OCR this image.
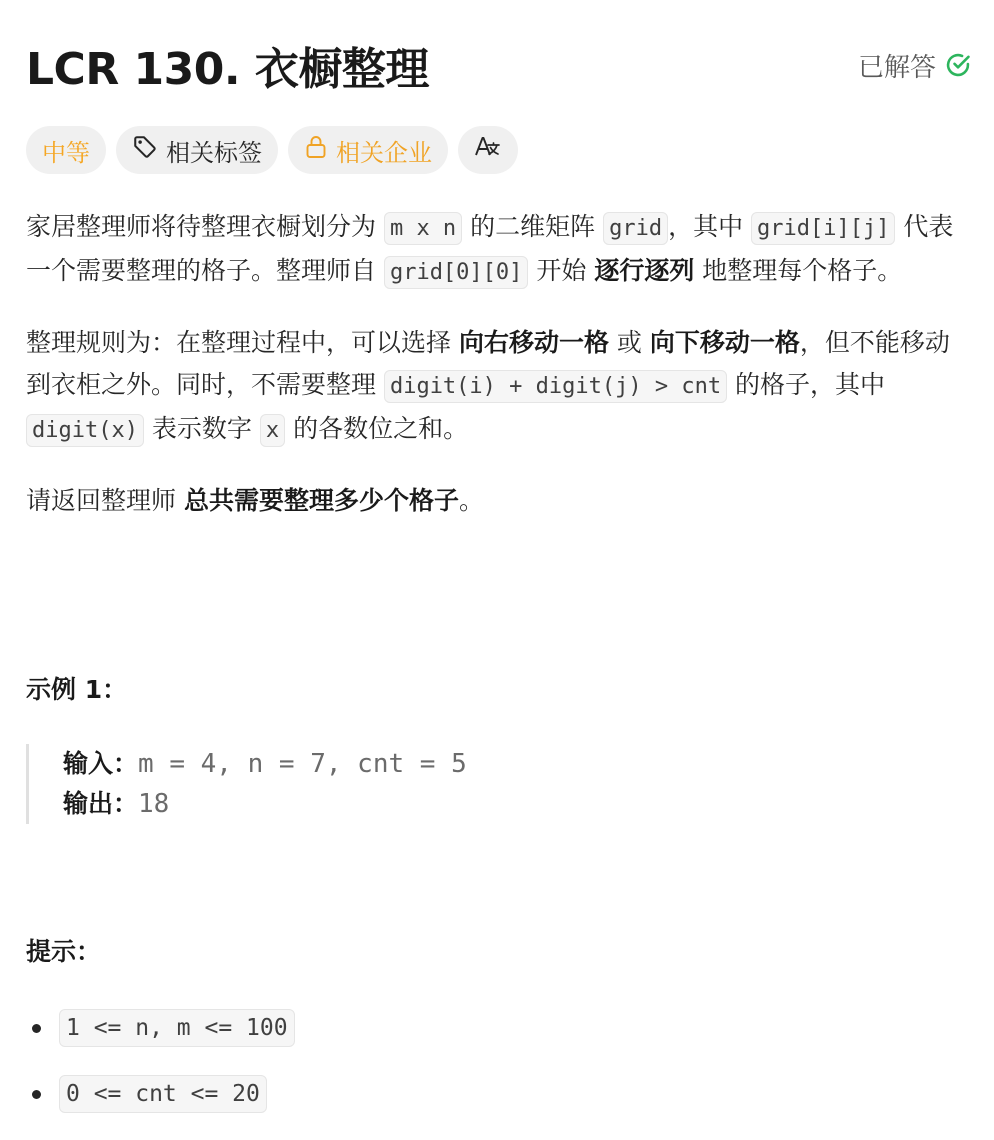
LCR 130. 衣橱整理	已解答
中等	相关标签	相关企业

家居整理师将待整理衣橱划分为 m x n 的二维矩阵 grid ，其中 grid[i][j] 代表一个需要整理的格子。整理师自 grid[0][0] 开始 逐行逐列 地整理每个格子。

整理规则为：在整理过程中，可以选择 向右移动一格 或 向下移动一格，但不能移动到衣柜之外。同时，不需要整理 digit(i) + digit(j) > cnt 的格子，其中 digit(x) 表示数字 x 的各数位之和。

请返回整理师 总共需要整理多少个格子。

示例 1：
输入：m = 4, n = 7, cnt = 5
输出：18
提示：
1 <= n, m <= 100
0 <= cnt <= 20
